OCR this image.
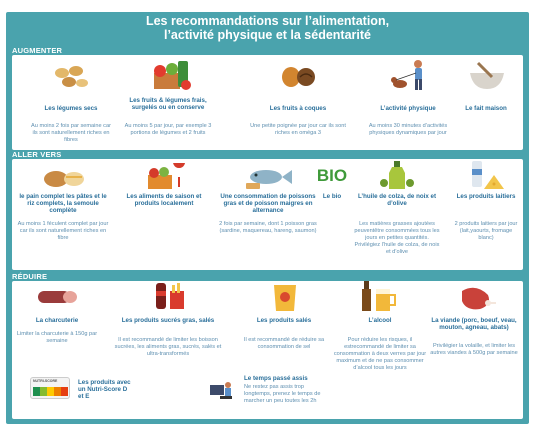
Les recommandations sur l’alimentation,
l’activité physique et la sédentarité
AUGMENTER
Les légumes secs
Au moins 2 fois par semaine car ils sont naturellement riches en fibres
Les fruits & légumes frais, surgelés ou en conserve
Au moins 5 par jour, par exemple 3 portions de légumes et 2 fruits
Les fruits à coques
Une petite poignée par jour car ils sont riches en oméga 3
L’activité physique
Au moins 30 minutes d’activités physiques dynamiques par jour
Le fait maison
ALLER VERS
le pain complet les pâtes et le riz complets, la semoule complète
Au moins 1 féculent complet par jour car ils sont naturellement riches en fibre
Les aliments de saison et produits localement
Une consommation de poissons gras et de poisson maigres en alternance
2 fois par semaine, dont 1 poisson gras (sardine, maquereau, hareng, saumon)
BIO
Le bio	L’huile de colza, de noix et d’olive
Les matières grasses ajoutées peuventêtre consommées tous les jours en petites quantités. Privilégiez l’huile de colza, de noix et d’olive
Les produits laitiers
2 produits laitiers par jour (lait,yaourts, fromage blanc)
RÉDUIRE
La charcuterie
Limiter la charcuterie à 150g par semaine
Les produits sucrés gras, salés
Il est recommandé de limiter les boisson sucrées, les aliments gras, sucrés, salés et ultra-transformés
Les produits salés
Il est recommandé de réduire sa consommation de sel
L’alcool
Pour réduire les risques, il estrecommandé de limiter sa consommation à deux verres par jour maximum et de ne pas consommer d’alcool tous les jours
La viande (porc, boeuf, veau, mouton, agneau, abats)
Privilégier la volaille, et limiter les autres viandes à 500g par semaine
NUTRI-SCORE	Les produits avec un Nutri-Score D et E
Le temps passé assis
Ne restez pas assis trop longtemps, prenez le temps de marcher un peu toutes les 2h
